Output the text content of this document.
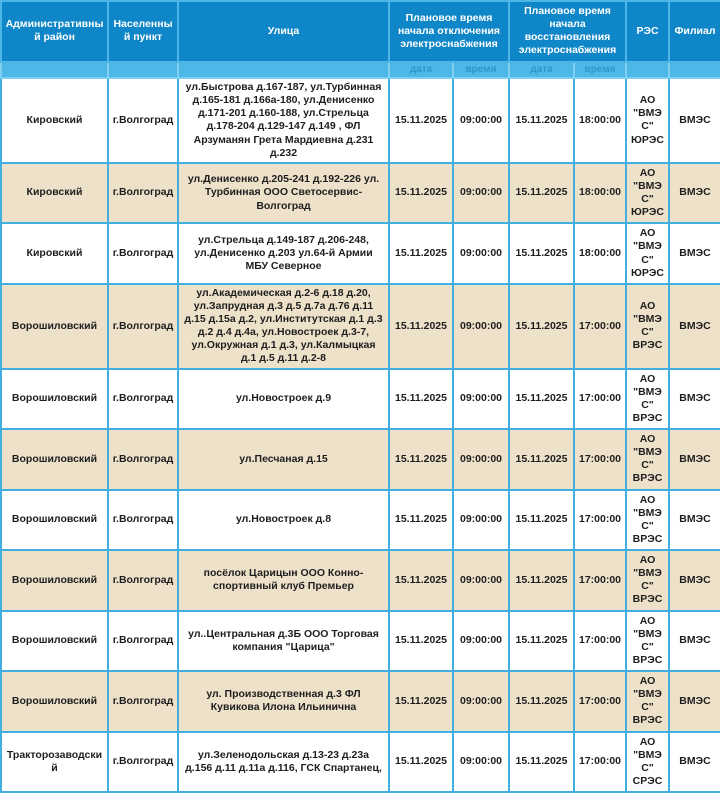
Административный район	Населенный пункт	Улица	Плановое время начала отключения электроснабжения		Плановое время начала восстановления электроснабжения		РЭС	Филиал
			дата	время	дата	время		
Кировский	г.Волгоград	ул.Быстрова д.167-187, ул.Турбинная д.165-181 д.166а-180, ул.Денисенко д.171-201 д.160-188, ул.Стрельца д.178-204 д.129-147 д.149 , ФЛ Арзуманян Грета Мардиевна д.231 д.232	15.11.2025	09:00:00	15.11.2025	18:00:00	АО "ВМЭС" ЮРЭС	ВМЭС
Кировский	г.Волгоград	ул.Денисенко д.205-241 д.192-226 ул. Турбинная ООО Светосервис-Волгоград	15.11.2025	09:00:00	15.11.2025	18:00:00	АО "ВМЭС" ЮРЭС	ВМЭС
Кировский	г.Волгоград	ул.Стрельца д.149-187 д.206-248, ул.Денисенко д.203 ул.64-й Армии МБУ Северное	15.11.2025	09:00:00	15.11.2025	18:00:00	АО "ВМЭС" ЮРЭС	ВМЭС
Ворошиловский	г.Волгоград	ул.Академическая д.2-6 д.18 д.20, ул.Запрудная д.3 д.5 д.7а д.76 д.11 д.15 д.15а д.2, ул.Институтская д.1 д.3 д.2 д.4 д.4а, ул.Новостроек д.3-7, ул.Окружная д.1 д.3, ул.Калмыцкая д.1 д.5 д.11 д.2-8	15.11.2025	09:00:00	15.11.2025	17:00:00	АО "ВМЭС" ВРЭС	ВМЭС
Ворошиловский	г.Волгоград	ул.Новостроек д.9	15.11.2025	09:00:00	15.11.2025	17:00:00	АО "ВМЭС" ВРЭС	ВМЭС
Ворошиловский	г.Волгоград	ул.Песчаная д.15	15.11.2025	09:00:00	15.11.2025	17:00:00	АО "ВМЭС" ВРЭС	ВМЭС
Ворошиловский	г.Волгоград	ул.Новостроек д.8	15.11.2025	09:00:00	15.11.2025	17:00:00	АО "ВМЭС" ВРЭС	ВМЭС
Ворошиловский	г.Волгоград	посёлок Царицын ООО Конно-спортивный клуб Премьер	15.11.2025	09:00:00	15.11.2025	17:00:00	АО "ВМЭС" ВРЭС	ВМЭС
Ворошиловский	г.Волгоград	ул..Центральная д.3Б ООО Торговая компания "Царица"	15.11.2025	09:00:00	15.11.2025	17:00:00	АО "ВМЭС" ВРЭС	ВМЭС
Ворошиловский	г.Волгоград	ул. Производственная д.3 ФЛ Кувикова Илона Ильинична	15.11.2025	09:00:00	15.11.2025	17:00:00	АО "ВМЭС" ВРЭС	ВМЭС
Тракторозаводский	г.Волгоград	ул.Зеленодольская д.13-23 д.23а д.156 д.11 д.11а д.116, ГСК Спартанец,	15.11.2025	09:00:00	15.11.2025	17:00:00	АО "ВМЭС" СРЭС	ВМЭС
